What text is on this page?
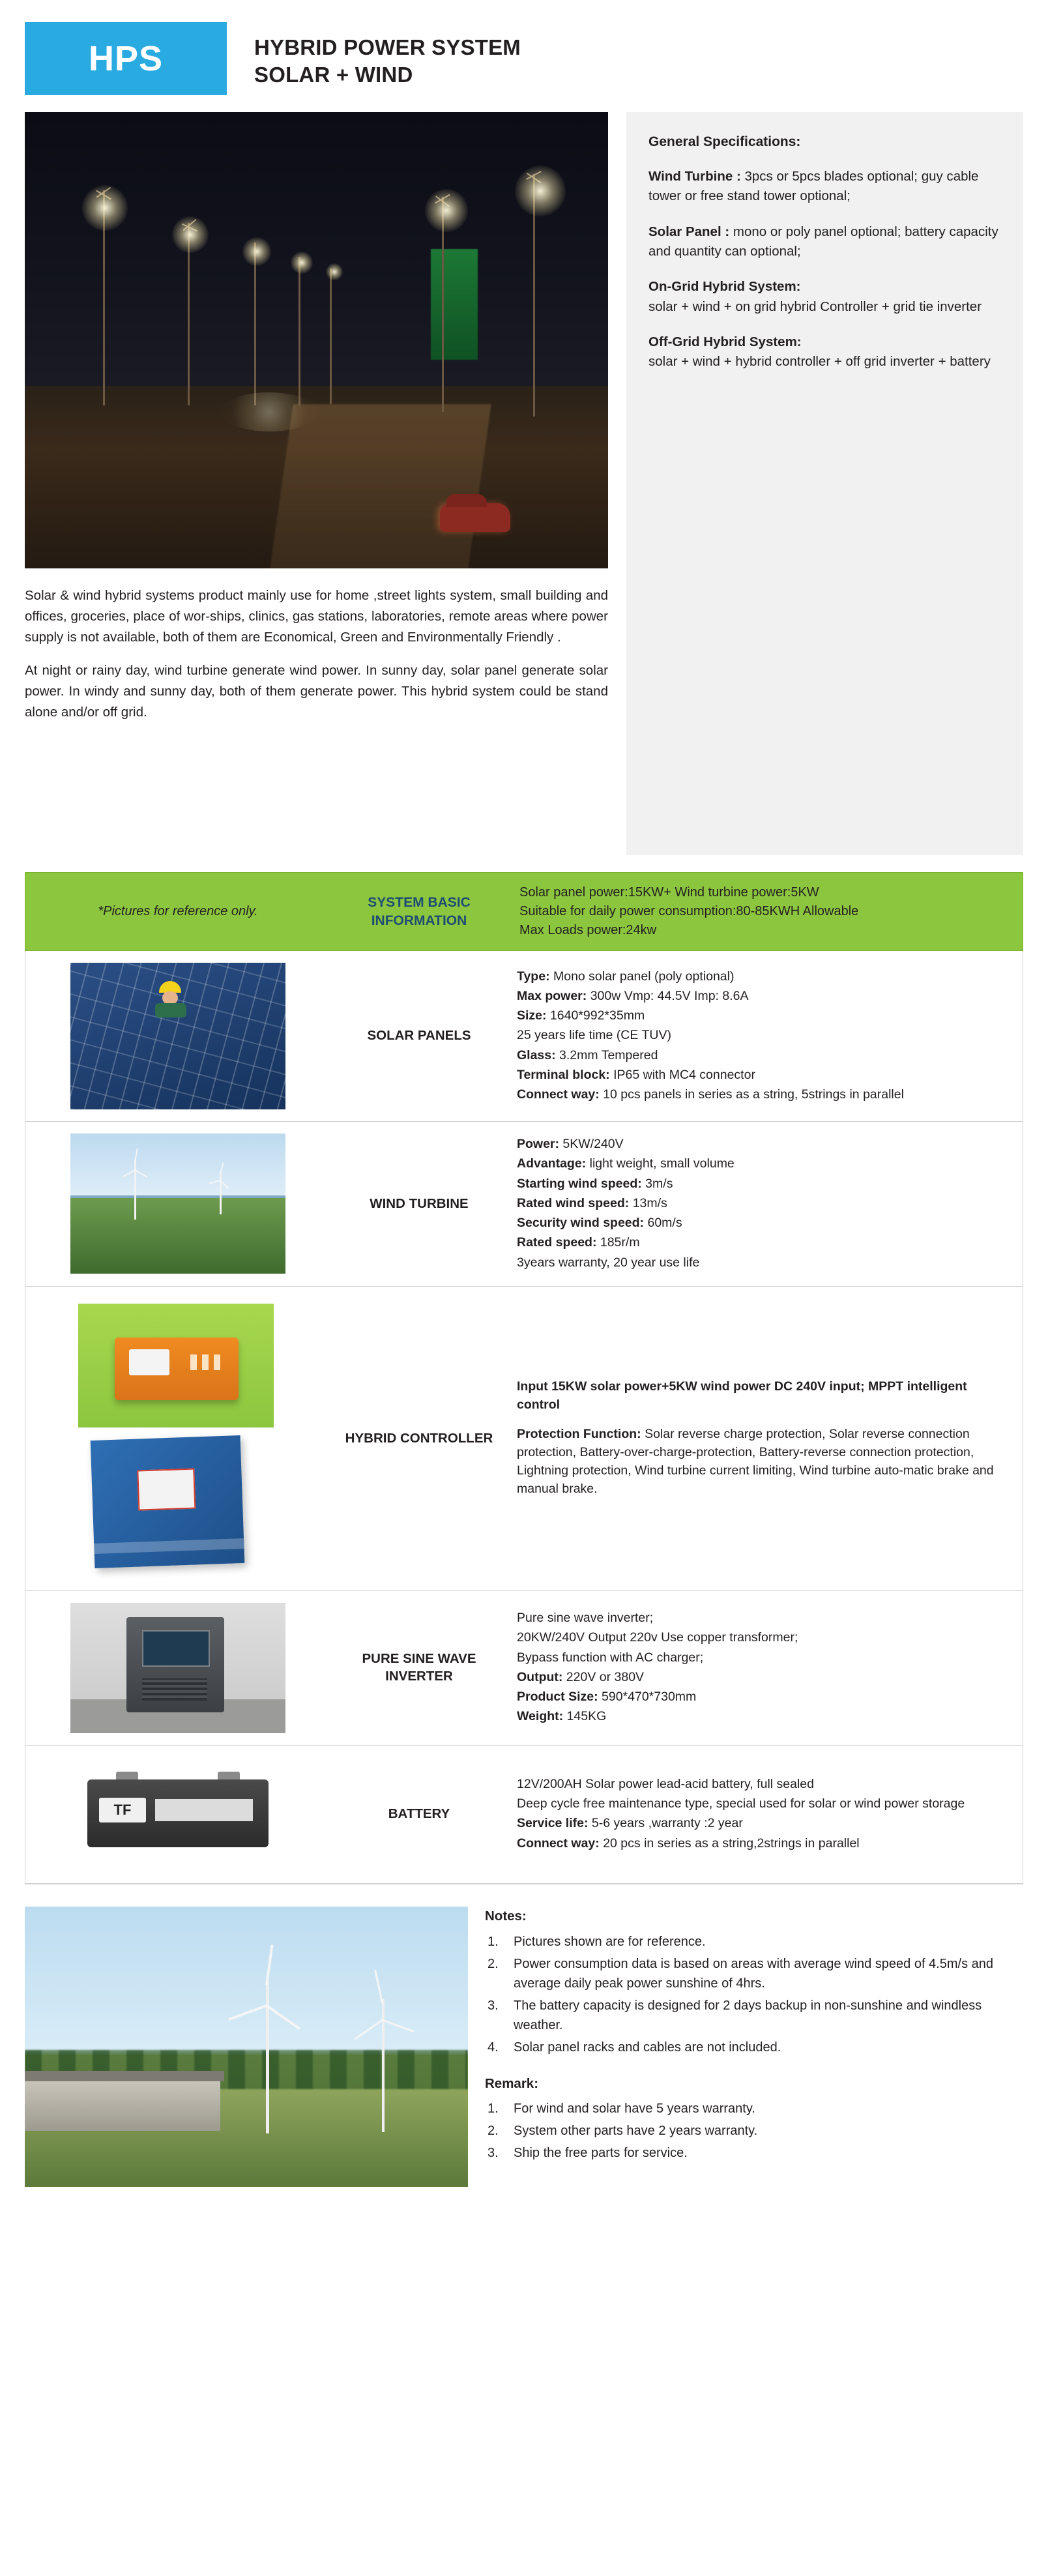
HPS	HYBRID POWER SYSTEM
SOLAR + WIND

Solar & wind hybrid systems product mainly use for home ,street lights system, small building and offices, groceries, place of wor-ships, clinics, gas stations, laboratories, remote areas where power supply is not available, both of them are Economical, Green and Environmentally Friendly .

At night or rainy day, wind turbine generate wind power. In sunny day, solar panel generate solar power. In windy and sunny day, both of them generate power. This hybrid system could be stand alone and/or off grid.

General Specifications:
Wind Turbine : 3pcs or 5pcs blades optional; guy cable tower or free stand tower optional;
Solar Panel : mono or poly panel optional; battery capacity and quantity can optional;
On-Grid Hybrid System:
solar + wind + on grid hybrid Controller + grid tie inverter
Off-Grid Hybrid System:
solar + wind + hybrid controller + off grid inverter + battery
*Pictures for reference only.
SYSTEM BASIC
INFORMATION
Solar panel power:15KW+ Wind turbine power:5KW
Suitable for daily power consumption:80-85KWH Allowable
Max Loads power:24kw
SOLAR PANELS

Type: Mono solar panel (poly optional)

Max power: 300w Vmp: 44.5V Imp: 8.6A

Size: 1640*992*35mm

25 years life time (CE TUV)

Glass: 3.2mm Tempered

Terminal block: IP65 with MC4 connector

Connect way: 10 pcs panels in series as a string, 5strings in parallel

WIND TURBINE

Power: 5KW/240V

Advantage: light weight, small volume

Starting wind speed: 3m/s

Rated wind speed: 13m/s

Security wind speed: 60m/s

Rated speed: 185r/m

3years warranty, 20 year use life

HYBRID CONTROLLER

Input 15KW solar power+5KW wind power DC 240V input; MPPT intelligent control

Protection Function: Solar reverse charge protection, Solar reverse connection protection, Battery-over-charge-protection, Battery-reverse connection protection, Lightning protection, Wind turbine current limiting, Wind turbine auto-matic brake and manual brake.

PURE SINE WAVE INVERTER

Pure sine wave inverter;

20KW/240V Output 220v Use copper transformer;

Bypass function with AC charger;

Output: 220V or 380V

Product Size: 590*470*730mm

Weight: 145KG

TF	BATTERY

12V/200AH Solar power lead-acid battery, full sealed

Deep cycle free maintenance type, special used for solar or wind power storage

Service life: 5-6 years ,warranty :2 year

Connect way: 20 pcs in series as a string,2strings in parallel

Notes:
1.	Pictures shown are for reference.
2.	Power consumption data is based on areas with average wind speed of 4.5m/s and average daily peak power sunshine of 4hrs.
3.	The battery capacity is designed for 2 days backup in non-sunshine and windless weather.
4.	Solar panel racks and cables are not included.
Remark:
1.	For wind and solar have 5 years warranty.
2.	System other parts have 2 years warranty.
3.	Ship the free parts for service.
